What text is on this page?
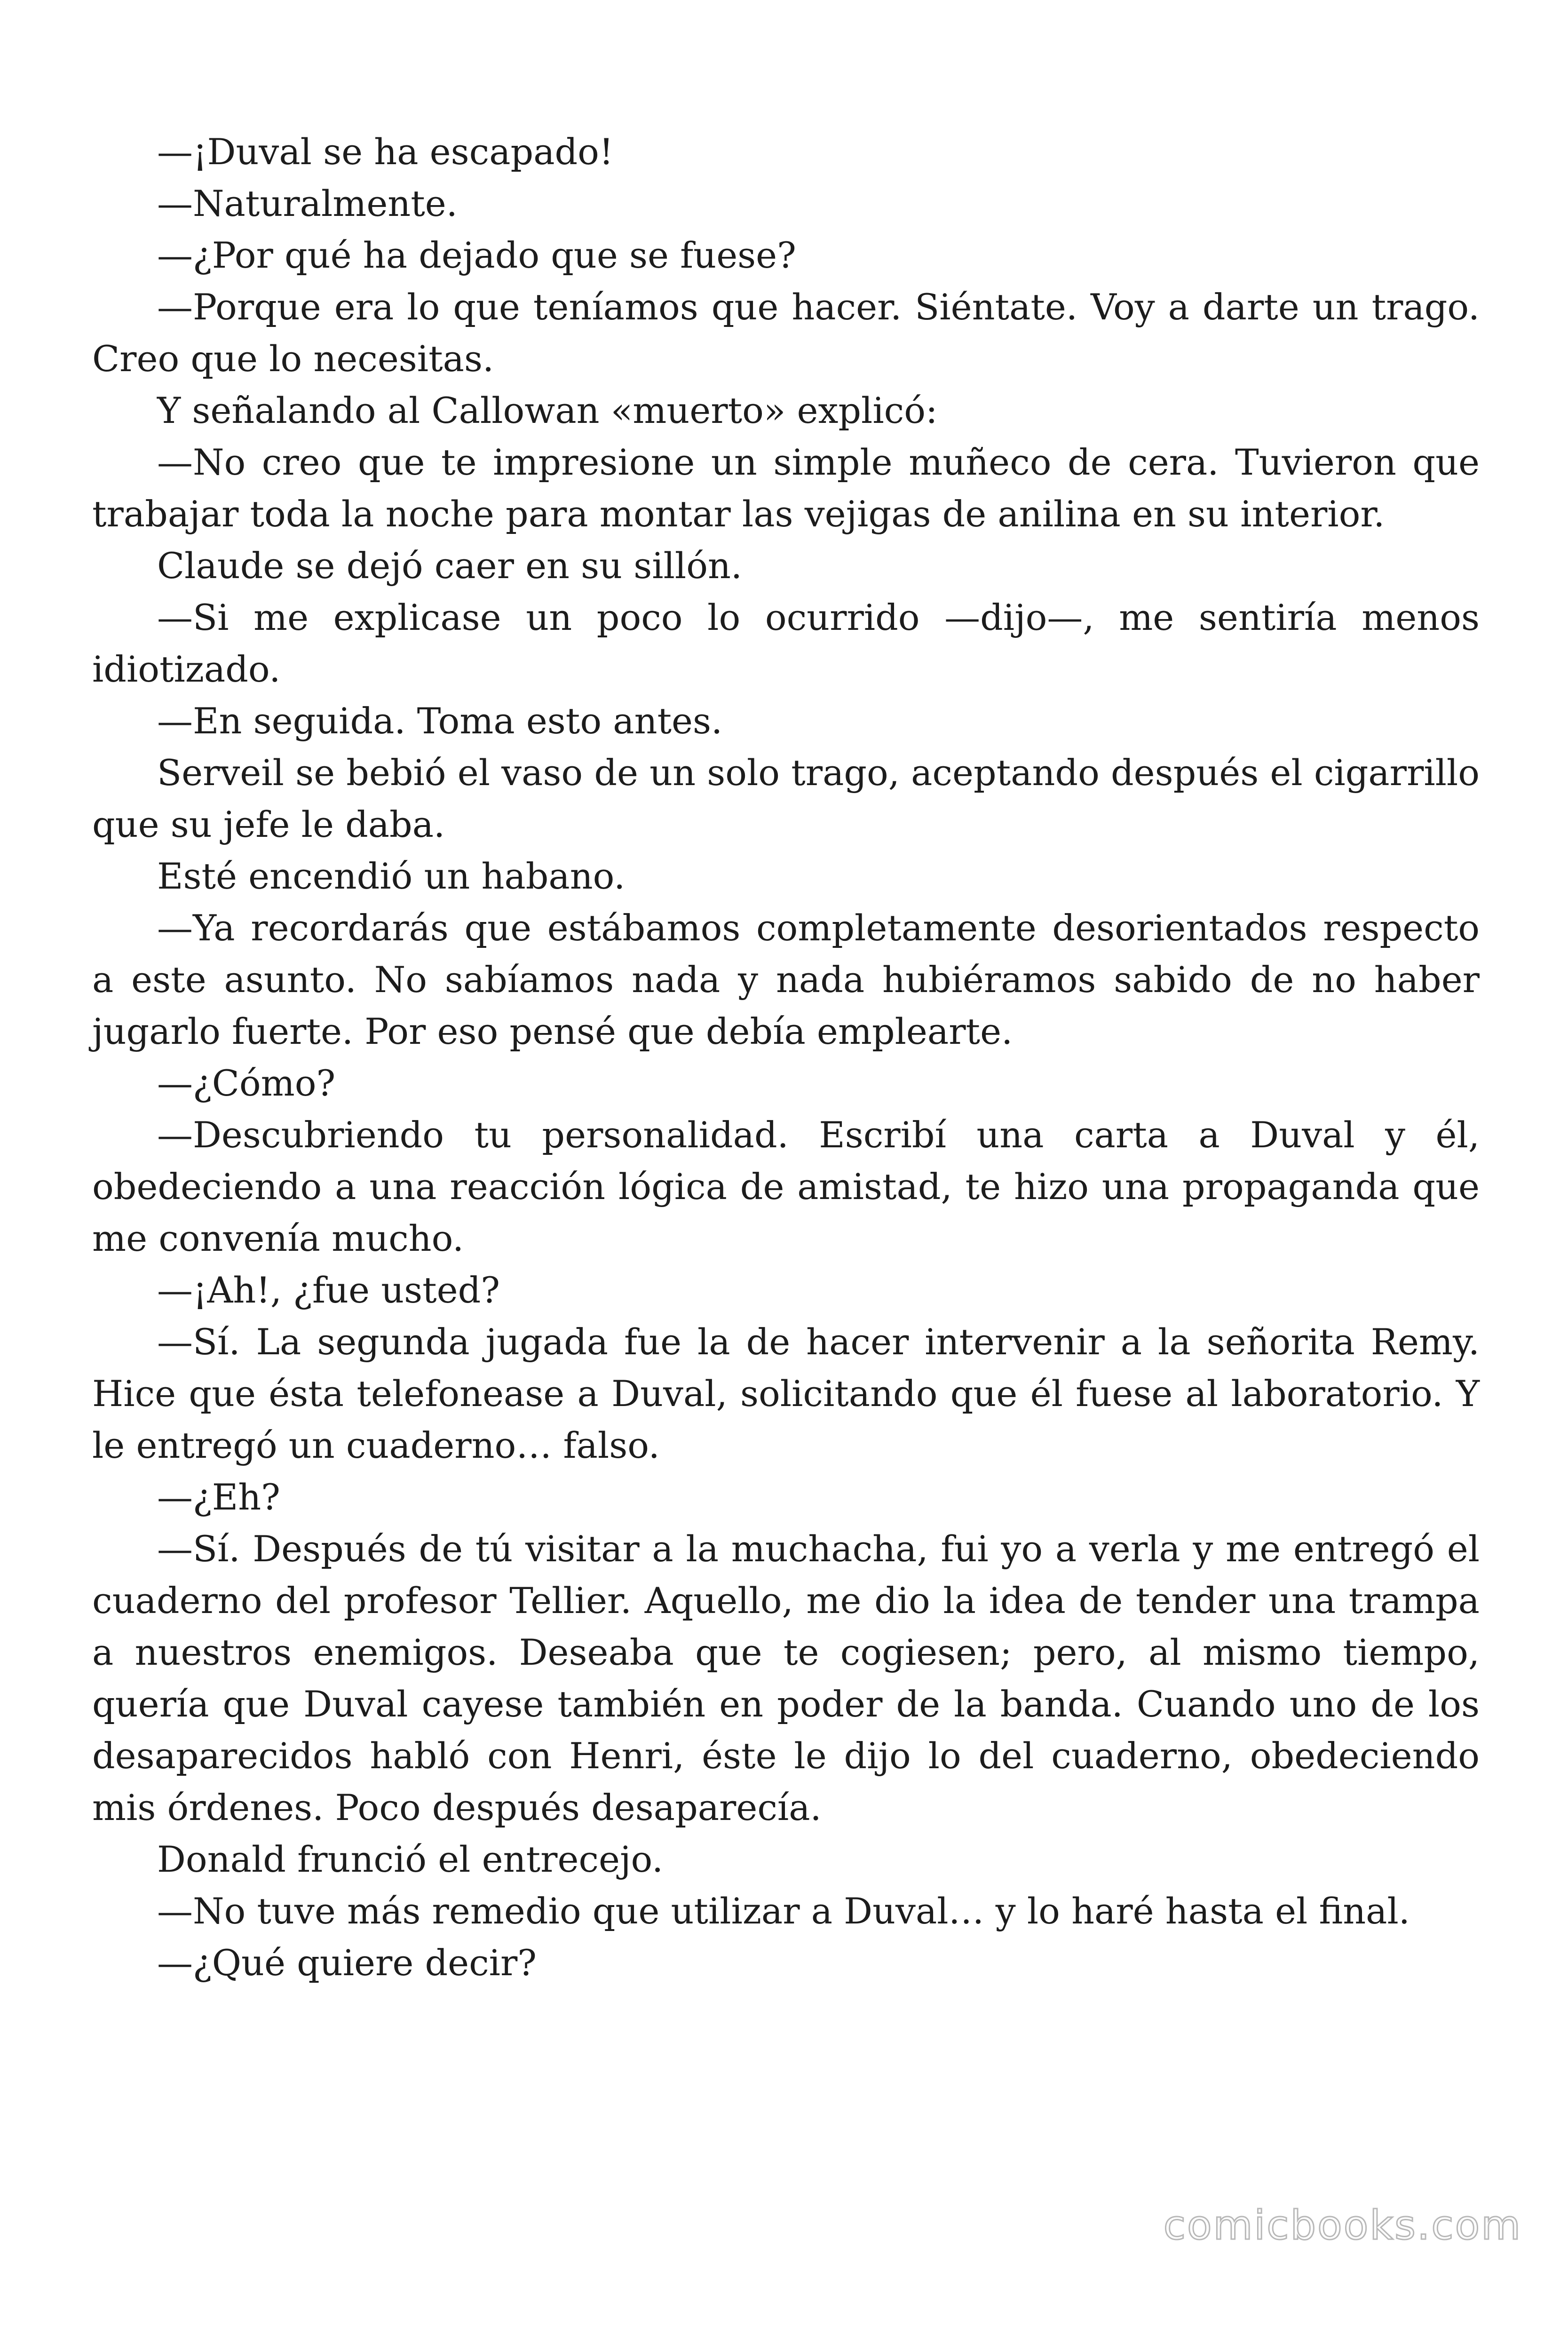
—¡Duval se ha escapado!

—Naturalmente.

—¿Por qué ha dejado que se fuese?

—Porque era lo que teníamos que hacer. Siéntate. Voy a darte un trago. Creo que lo necesitas.

Y señalando al Callowan «muerto» explicó:

—No creo que te impresione un simple muñeco de cera. Tuvieron que trabajar toda la noche para montar las vejigas de anilina en su interior.

Claude se dejó caer en su sillón.

—Si me explicase un poco lo ocurrido —dijo—, me sentiría menos idiotizado.

—En seguida. Toma esto antes.

Serveil se bebió el vaso de un solo trago, aceptando después el cigarrillo que su jefe le daba.

Esté encendió un habano.

—Ya recordarás que estábamos completamente desorientados respecto a este asunto. No sabíamos nada y nada hubiéramos sabido de no haber jugarlo fuerte. Por eso pensé que debía emplearte.

—¿Cómo?

—Descubriendo tu personalidad. Escribí una carta a Duval y él, obedeciendo a una reacción lógica de amistad, te hizo una propaganda que me convenía mucho.

—¡Ah!, ¿fue usted?

—Sí. La segunda jugada fue la de hacer intervenir a la señorita Remy. Hice que ésta telefonease a Duval, solicitando que él fuese al laboratorio. Y le entregó un cuaderno… falso.

—¿Eh?

—Sí. Después de tú visitar a la muchacha, fui yo a verla y me entregó el cuaderno del profesor Tellier. Aquello, me dio la idea de tender una trampa a nuestros enemigos. Deseaba que te cogiesen; pero, al mismo tiempo, quería que Duval cayese también en poder de la banda. Cuando uno de los desaparecidos habló con Henri, éste le dijo lo del cuaderno, obedeciendo mis órdenes. Poco después desaparecía.

Donald frunció el entrecejo.

—No tuve más remedio que utilizar a Duval… y lo haré hasta el final.

—¿Qué quiere decir?

comicbooks.com
